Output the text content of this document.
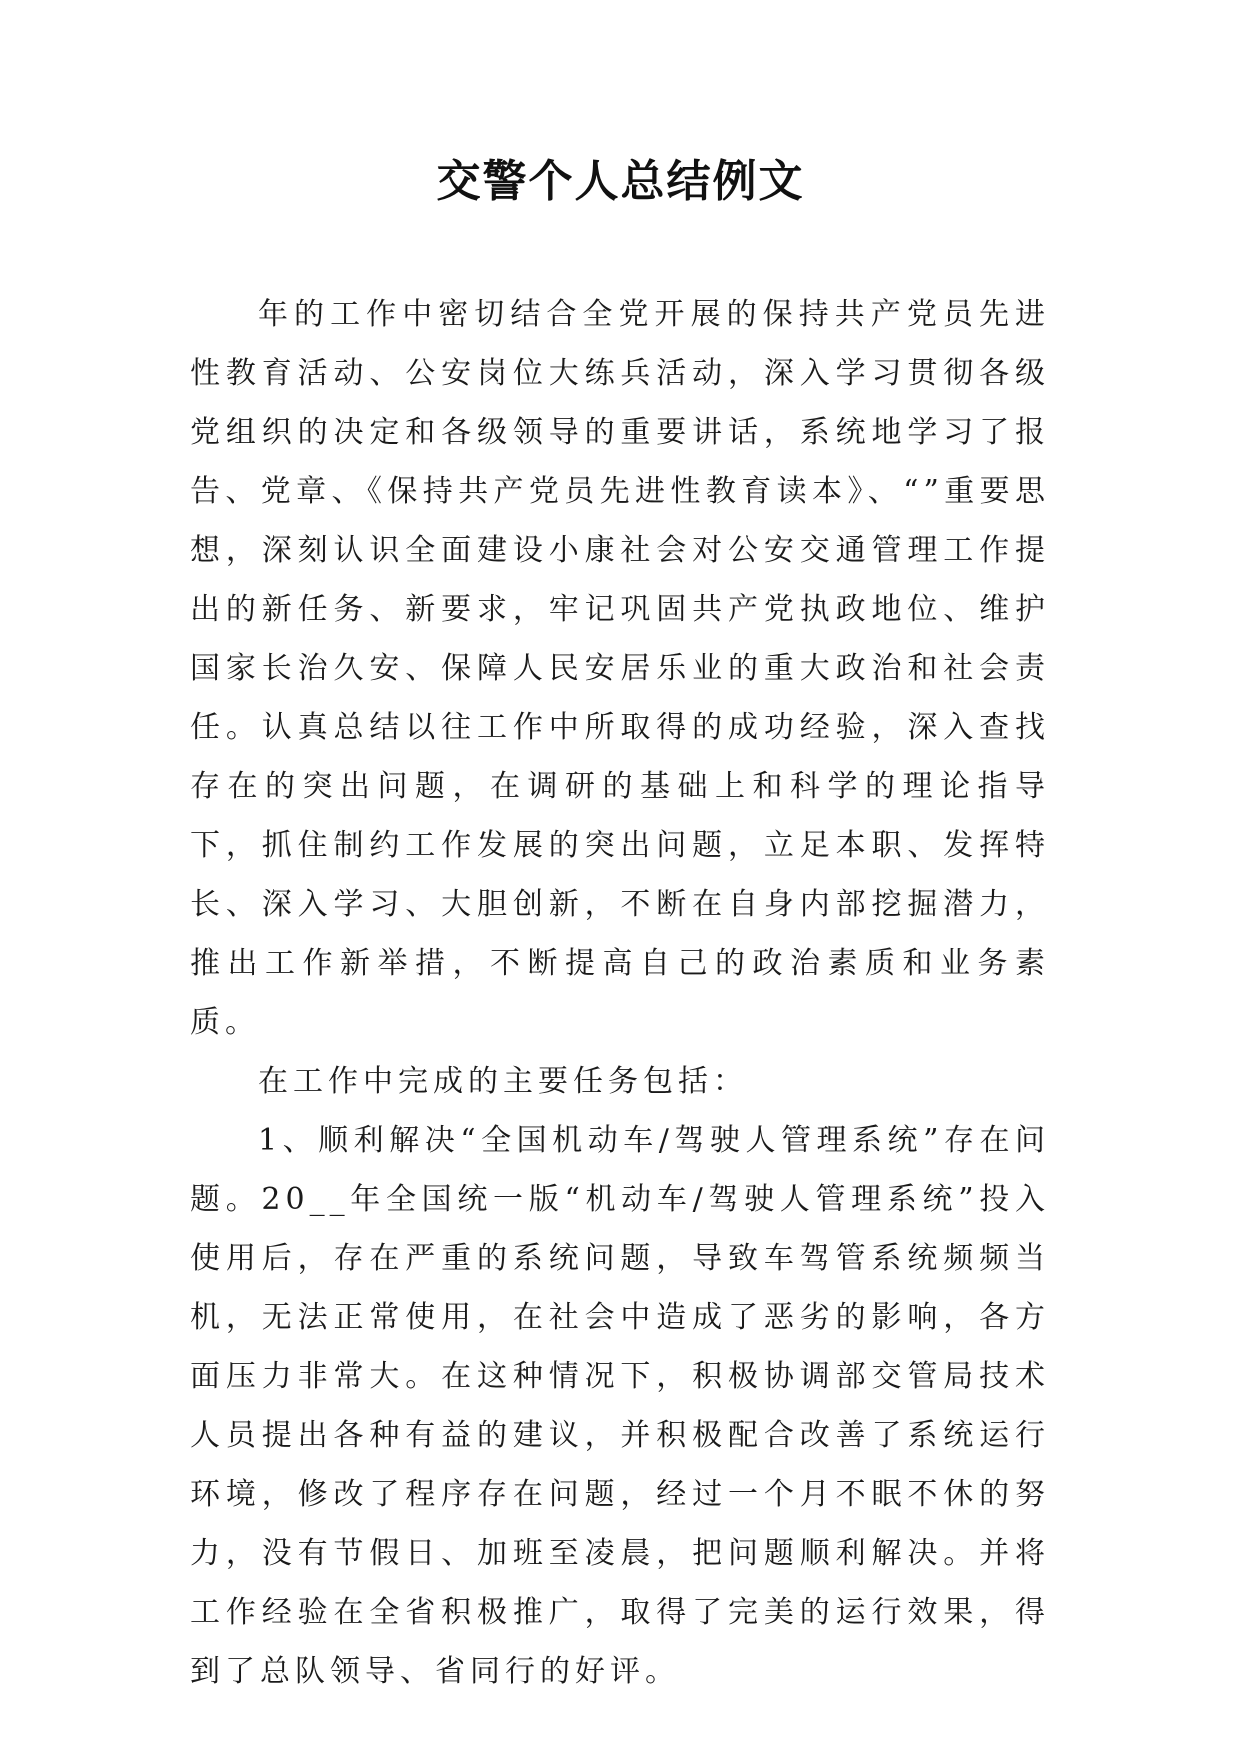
交警个人总结例文

年的工作中密切结合全党开展的保持共产党员先进性教育活动、公安岗位大练兵活动，深入学习贯彻各级党组织的决定和各级领导的重要讲话，系统地学习了报告、党章、《保持共产党员先进性教育读本》、“”重要思想，深刻认识全面建设小康社会对公安交通管理工作提出的新任务、新要求，牢记巩固共产党执政地位、维护国家长治久安、保障人民安居乐业的重大政治和社会责任。认真总结以往工作中所取得的成功经验，深入查找存在的突出问题，在调研的基础上和科学的理论指导下，抓住制约工作发展的突出问题，立足本职、发挥特长、深入学习、大胆创新，不断在自身内部挖掘潜力，推出工作新举措，不断提高自己的政治素质和业务素质。

在工作中完成的主要任务包括：

1、顺利解决“全国机动车/驾驶人管理系统”存在问题。20__年全国统一版“机动车/驾驶人管理系统”投入使用后，存在严重的系统问题，导致车驾管系统频频当机，无法正常使用，在社会中造成了恶劣的影响，各方面压力非常大。在这种情况下，积极协调部交管局技术人员提出各种有益的建议，并积极配合改善了系统运行环境，修改了程序存在问题，经过一个月不眠不休的努力，没有节假日、加班至凌晨，把问题顺利解决。并将工作经验在全省积极推广，取得了完美的运行效果，得到了总队领导、省同行的好评。
